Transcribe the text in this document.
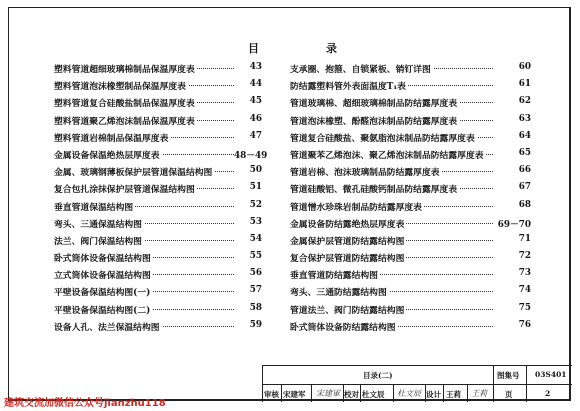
目	录
塑料管道超细玻璃棉制品保温厚度表	43
塑料管道泡沫橡塑制品保温厚度表	44
塑料管道复合硅酸盐制品保温厚度表	45
塑料管道聚乙烯泡沫制品保温厚度表	46
塑料管道岩棉制品保温厚度表	47
金属设备保温绝热层厚度表	48－49
金属、玻璃钢薄板保护层管道保温结构图	50
复合包扎涂抹保护层管道保温结构图	51
垂直管道保温结构图	52
弯头、三通保温结构图	53
法兰、阀门保温结构图	54
卧式筒体设备保温结构图	55
立式筒体设备保温结构图	56
平壁设备保温结构图(一)	57
平壁设备保温结构图(二)	58
设备人孔、法兰保温结构图	59
支承圈、抱箍、自锁紧板、销钉详图	60
防结露塑料管外表面温度T₁表	61
管道玻璃棉、超细玻璃棉制品防结露厚度表	62
管道泡沫橡塑、酚醛泡沫制品防结露厚度表	63
管道复合硅酸盐、聚氨脂泡沫制品防结露厚度表	64
管道聚苯乙烯泡沫、聚乙烯泡沫制品防结露厚度表	65
管道岩棉、泡沫玻璃制品防结露厚度表	66
管道硅酸铝、微孔硅酸钙制品防结露厚度表	67
管道憎水珍珠岩制品防结露厚度表	68
金属设备防结露绝热层厚度表	69－70
金属保护层管道防结露结构图	71
复合保护层管道防结露结构图	72
垂直管道防结露结构图	73
弯头、三通防结露结构图	74
管道法兰、阀门防结露结构图	75
卧式筒体设备防结露结构图	76
目录(二)	图集号 03S401
审核 宋建军 宋建軍 校对 杜文辰 杜文辰 设计 王莉 王莉 页	2
建筑交流加微信公众号jianzhu118
